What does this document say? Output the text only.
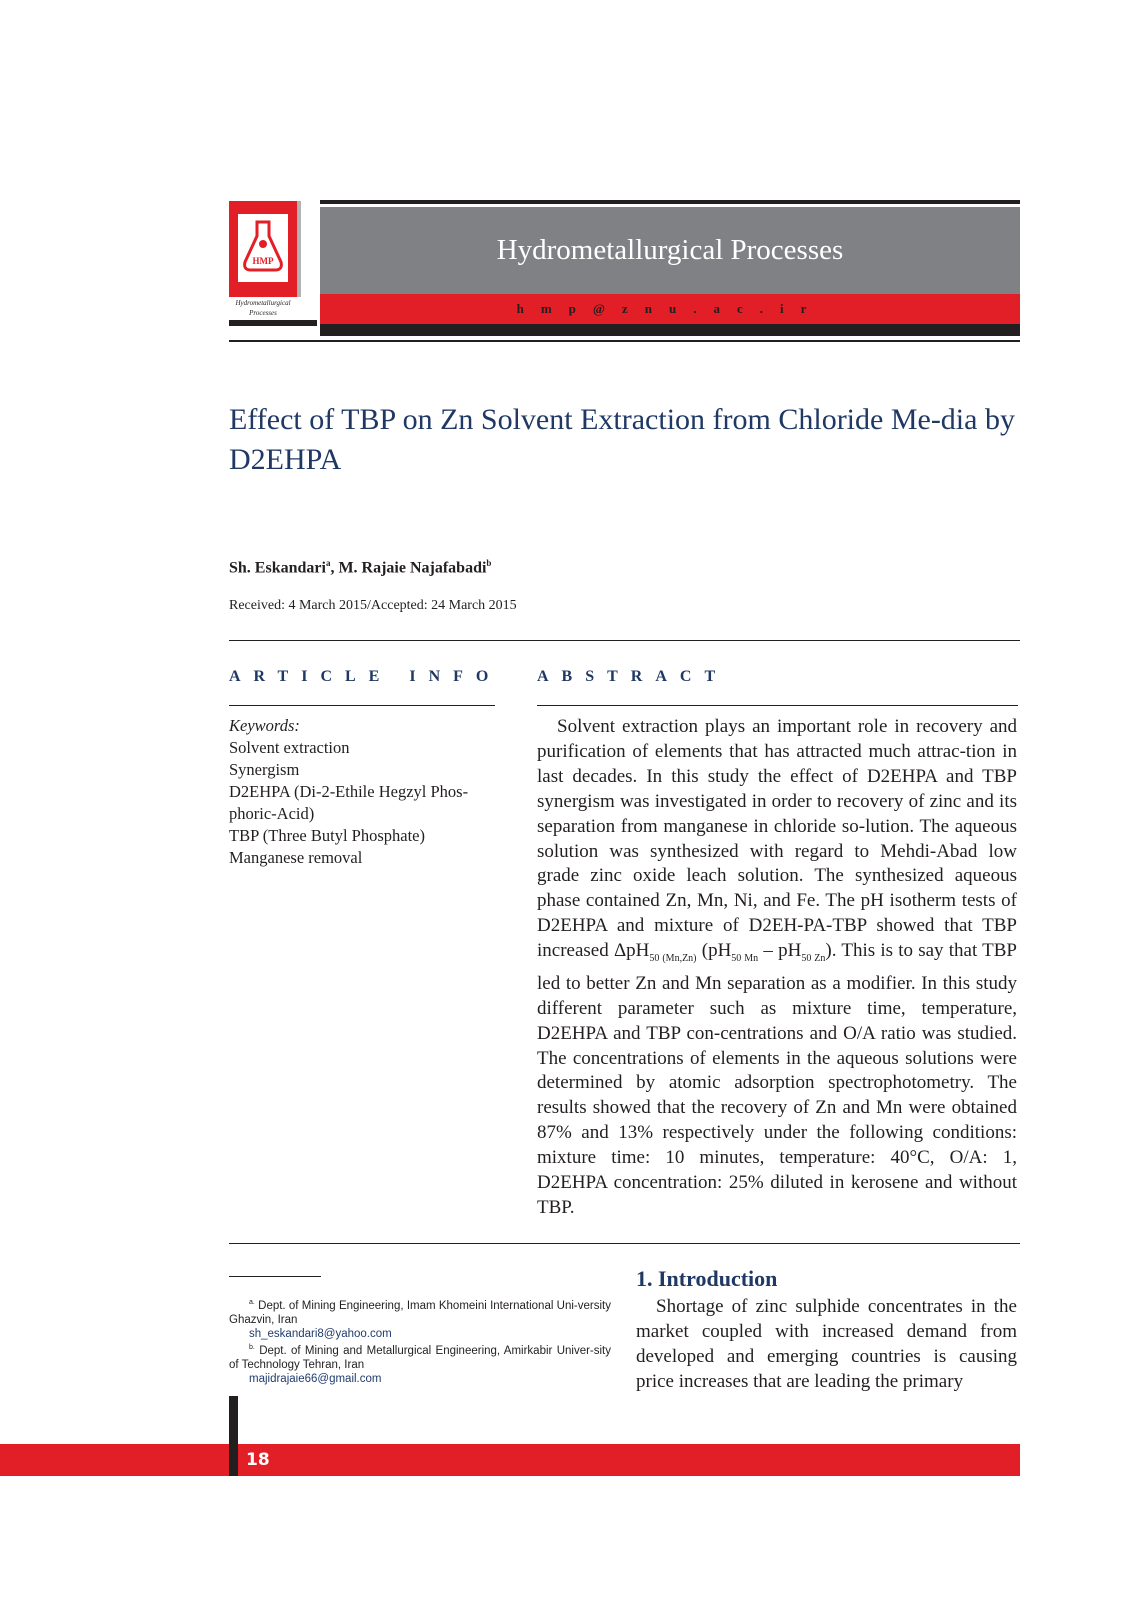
HMP
Hydrometallurgical Processes
Hydrometallurgical Processes
hmp@znu.ac.ir
Effect of TBP on Zn Solvent Extraction from Chloride Me-dia by D2EHPA
Sh. Eskandari$^a$, M. Rajaie Najafabadi$^b$
Received: 4 March 2015/Accepted: 24 March 2015
ARTICLE INFO
Keywords:
Solvent extraction
Synergism
D2EHPA (Di-2-Ethile Hegzyl Phos-phoric-Acid)
TBP (Three Butyl Phosphate)
Manganese removal
ABSTRACT
Solvent extraction plays an important role in recovery and purification of elements that has attracted much attrac-tion in last decades. In this study the effect of D2EHPA and TBP synergism was investigated in order to recovery of zinc and its separation from manganese in chloride so-lution. The aqueous solution was synthesized with regard to Mehdi-Abad low grade zinc oxide leach solution. The synthesized aqueous phase contained Zn, Mn, Ni, and Fe. The pH isotherm tests of D2EHPA and mixture of D2EH-PA-TBP showed that TBP increased ΔpH$_{50 (Mn,Zn)}$ $(pH_{50 Mn} - pH_{50 Zn})$. This is to say that TBP led to better Zn and Mn separation as a modifier. In this study different parameter such as mixture time, temperature, D2EHPA and TBP con-centrations and O/A ratio was studied. The concentrations of elements in the aqueous solutions were determined by atomic adsorption spectrophotometry. The results showed that the recovery of Zn and Mn were obtained 87% and 13% respectively under the following conditions: mixture time: 10 minutes, temperature: 40°C, O/A: 1, D2EHPA concentration: 25% diluted in kerosene and without TBP.

$^{a.}$ Dept. of Mining Engineering, Imam Khomeini International Uni-versity Ghazvin, Iran

sh_eskandari8@yahoo.com

$^{b.}$ Dept. of Mining and Metallurgical Engineering, Amirkabir Univer-sity of Technology Tehran, Iran

majidrajaie66@gmail.com
1. Introduction
Shortage of zinc sulphide concentrates in the market coupled with increased demand from developed and emerging countries is causing price increases that are leading the primary
18
